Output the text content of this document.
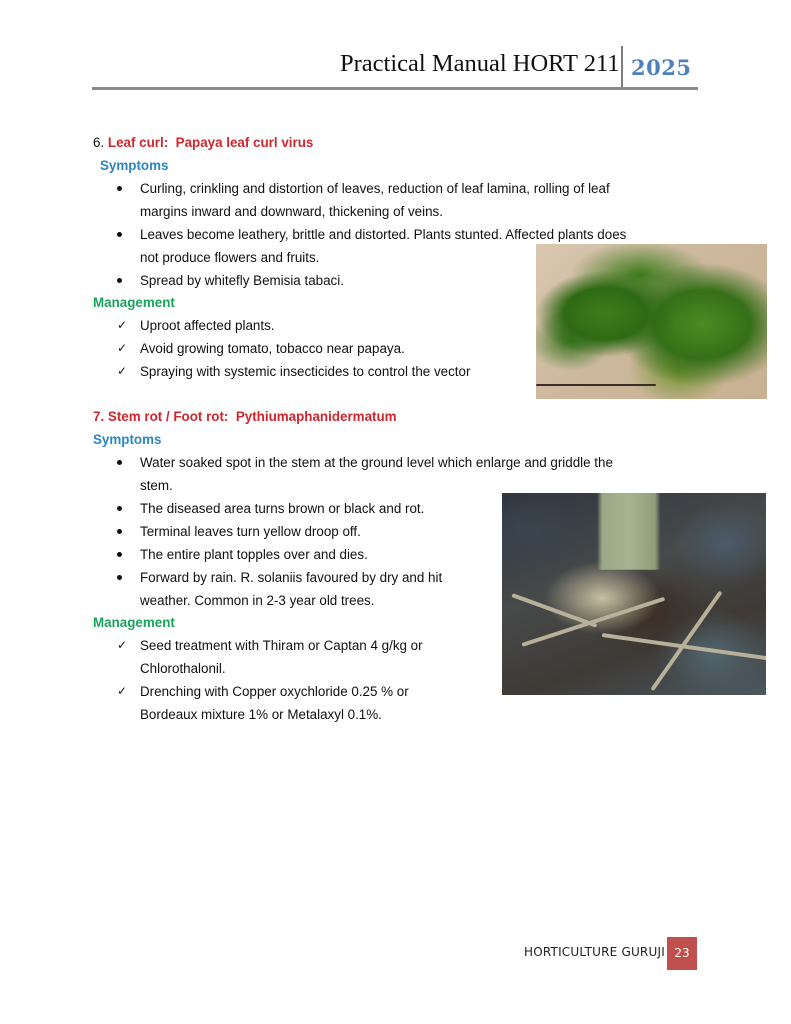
Practical Manual HORT 211 2025
6. Leaf curl: Papaya leaf curl virus
Symptoms
Curling, crinkling and distortion of leaves, reduction of leaf lamina, rolling of leaf
margins inward and downward, thickening of veins.
Leaves become leathery, brittle and distorted. Plants stunted. Affected plants does
not produce flowers and fruits.
Spread by whitefly Bemisia tabaci.
Management
✓ Uproot affected plants.
✓ Avoid growing tomato, tobacco near papaya.
✓ Spraying with systemic insecticides to control the vector
7. Stem rot / Foot rot: Pythiumaphanidermatum
Symptoms
Water soaked spot in the stem at the ground level which enlarge and griddle the
stem.
The diseased area turns brown or black and rot.
Terminal leaves turn yellow droop off.
The entire plant topples over and dies.
Forward by rain. R. solaniis favoured by dry and hit
weather. Common in 2-3 year old trees.
Management
✓ Seed treatment with Thiram or Captan 4 g/kg or
Chlorothalonil.
✓ Drenching with Copper oxychloride 0.25 % or
Bordeaux mixture 1% or Metalaxyl 0.1%.
HORTICULTURE GURUJI 23
